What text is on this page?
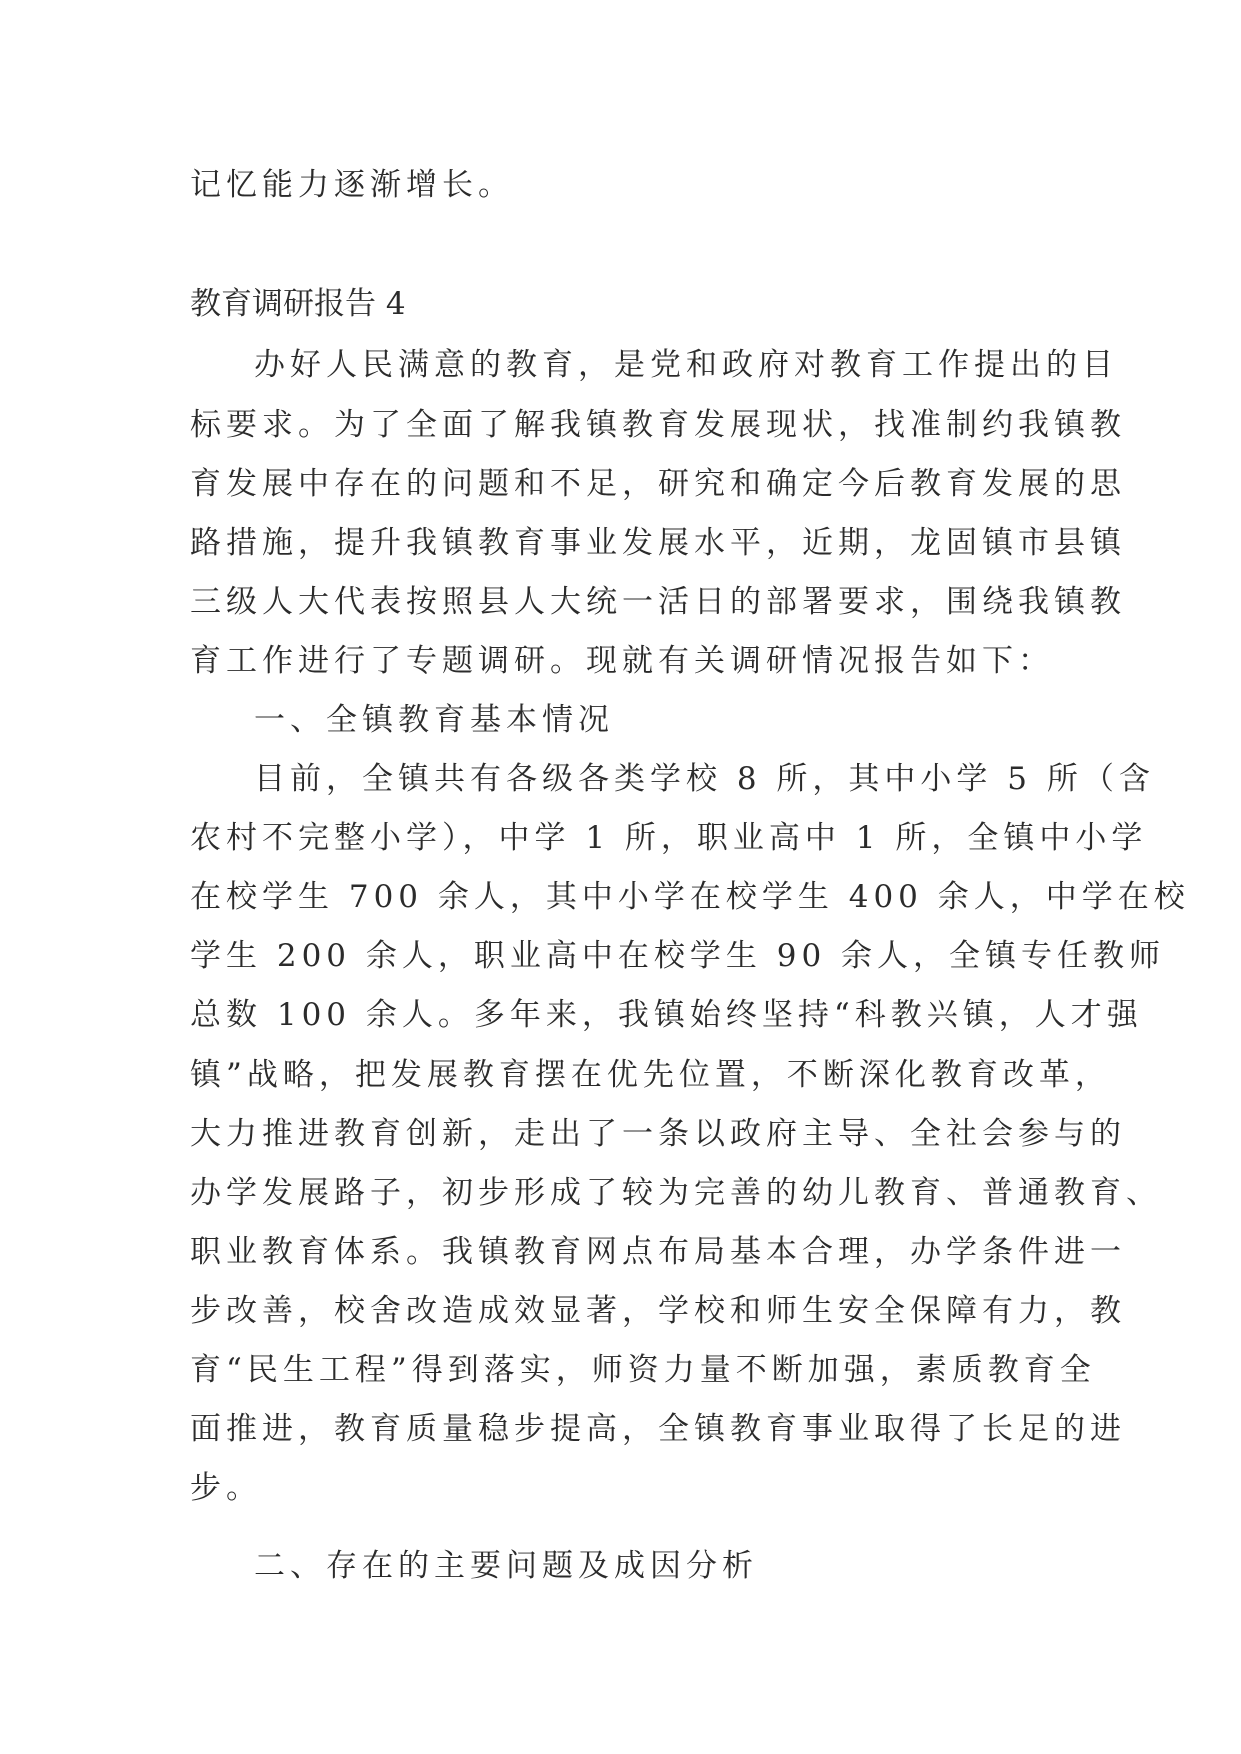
记忆能力逐渐增长。

教育调研报告 4

办好人民满意的教育，是党和政府对教育工作提出的目

标要求。为了全面了解我镇教育发展现状，找准制约我镇教

育发展中存在的问题和不足，研究和确定今后教育发展的思

路措施，提升我镇教育事业发展水平，近期，龙固镇市县镇

三级人大代表按照县人大统一活日的部署要求，围绕我镇教

育工作进行了专题调研。现就有关调研情况报告如下：

一、全镇教育基本情况

目前，全镇共有各级各类学校 8 所，其中小学 5 所（含

农村不完整小学），中学 1 所，职业高中 1 所，全镇中小学

在校学生 700 余人，其中小学在校学生 400 余人，中学在校

学生 200 余人，职业高中在校学生 90 余人，全镇专任教师

总数 100 余人。多年来，我镇始终坚持“科教兴镇，人才强

镇”战略，把发展教育摆在优先位置，不断深化教育改革，

大力推进教育创新，走出了一条以政府主导、全社会参与的

办学发展路子，初步形成了较为完善的幼儿教育、普通教育、

职业教育体系。我镇教育网点布局基本合理，办学条件进一

步改善，校舍改造成效显著，学校和师生安全保障有力，教

育“民生工程”得到落实，师资力量不断加强，素质教育全

面推进，教育质量稳步提高，全镇教育事业取得了长足的进

步。

二、存在的主要问题及成因分析
